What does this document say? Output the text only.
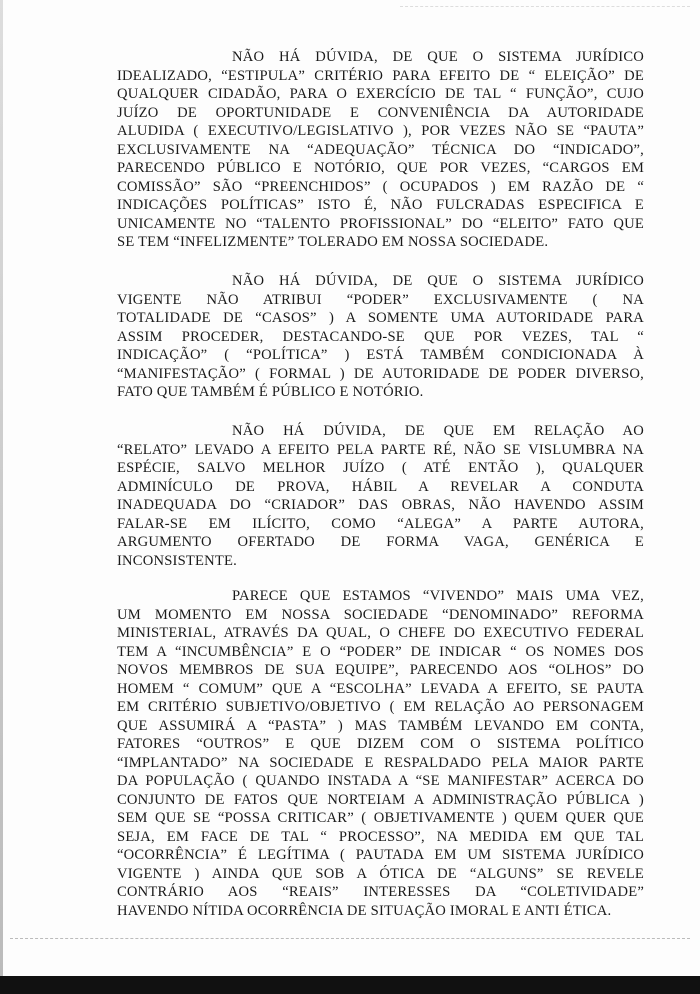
NÃO HÁ DÚVIDA, DE QUE O SISTEMA JURÍDICO
IDEALIZADO, “ESTIPULA” CRITÉRIO PARA EFEITO DE “ ELEIÇÃO” DE
QUALQUER CIDADÃO, PARA O EXERCÍCIO DE TAL “ FUNÇÃO”, CUJO
JUÍZO DE OPORTUNIDADE E CONVENIÊNCIA DA AUTORIDADE
ALUDIDA ( EXECUTIVO/LEGISLATIVO ), POR VEZES NÃO SE “PAUTA”
EXCLUSIVAMENTE NA “ADEQUAÇÃO” TÉCNICA DO “INDICADO”,
PARECENDO PÚBLICO E NOTÓRIO, QUE POR VEZES, “CARGOS EM
COMISSÃO” SÃO “PREENCHIDOS” ( OCUPADOS ) EM RAZÃO DE “
INDICAÇÕES POLÍTICAS” ISTO É, NÃO FULCRADAS ESPECIFICA E
UNICAMENTE NO “TALENTO PROFISSIONAL” DO “ELEITO” FATO QUE
SE TEM “INFELIZMENTE” TOLERADO EM NOSSA SOCIEDADE.
NÃO HÁ DÚVIDA, DE QUE O SISTEMA JURÍDICO
VIGENTE NÃO ATRIBUI “PODER” EXCLUSIVAMENTE ( NA
TOTALIDADE DE “CASOS” ) A SOMENTE UMA AUTORIDADE PARA
ASSIM PROCEDER, DESTACANDO-SE QUE POR VEZES, TAL “
INDICAÇÃO” ( “POLÍTICA” ) ESTÁ TAMBÉM CONDICIONADA À
“MANIFESTAÇÃO” ( FORMAL ) DE AUTORIDADE DE PODER DIVERSO,
FATO QUE TAMBÉM É PÚBLICO E NOTÓRIO.
NÃO HÁ DÚVIDA, DE QUE EM RELAÇÃO AO
“RELATO” LEVADO A EFEITO PELA PARTE RÉ, NÃO SE VISLUMBRA NA
ESPÉCIE, SALVO MELHOR JUÍZO ( ATÉ ENTÃO ), QUALQUER
ADMINÍCULO DE PROVA, HÁBIL A REVELAR A CONDUTA
INADEQUADA DO “CRIADOR” DAS OBRAS, NÃO HAVENDO ASSIM
FALAR-SE EM ILÍCITO, COMO “ALEGA” A PARTE AUTORA,
ARGUMENTO OFERTADO DE FORMA VAGA, GENÉRICA E
INCONSISTENTE.
PARECE QUE ESTAMOS “VIVENDO” MAIS UMA VEZ,
UM MOMENTO EM NOSSA SOCIEDADE “DENOMINADO” REFORMA
MINISTERIAL, ATRAVÉS DA QUAL, O CHEFE DO EXECUTIVO FEDERAL
TEM A “INCUMBÊNCIA” E O “PODER” DE INDICAR “ OS NOMES DOS
NOVOS MEMBROS DE SUA EQUIPE”, PARECENDO AOS “OLHOS” DO
HOMEM “ COMUM” QUE A “ESCOLHA” LEVADA A EFEITO, SE PAUTA
EM CRITÉRIO SUBJETIVO/OBJETIVO ( EM RELAÇÃO AO PERSONAGEM
QUE ASSUMIRÁ A “PASTA” ) MAS TAMBÉM LEVANDO EM CONTA,
FATORES “OUTROS” E QUE DIZEM COM O SISTEMA POLÍTICO
“IMPLANTADO” NA SOCIEDADE E RESPALDADO PELA MAIOR PARTE
DA POPULAÇÃO ( QUANDO INSTADA A “SE MANIFESTAR” ACERCA DO
CONJUNTO DE FATOS QUE NORTEIAM A ADMINISTRAÇÃO PÚBLICA )
SEM QUE SE “POSSA CRITICAR” ( OBJETIVAMENTE ) QUEM QUER QUE
SEJA, EM FACE DE TAL “ PROCESSO”, NA MEDIDA EM QUE TAL
“OCORRÊNCIA” É LEGÍTIMA ( PAUTADA EM UM SISTEMA JURÍDICO
VIGENTE ) AINDA QUE SOB A ÓTICA DE “ALGUNS” SE REVELE
CONTRÁRIO AOS “REAIS” INTERESSES DA “COLETIVIDADE”
HAVENDO NÍTIDA OCORRÊNCIA DE SITUAÇÃO IMORAL E ANTI ÉTICA.
